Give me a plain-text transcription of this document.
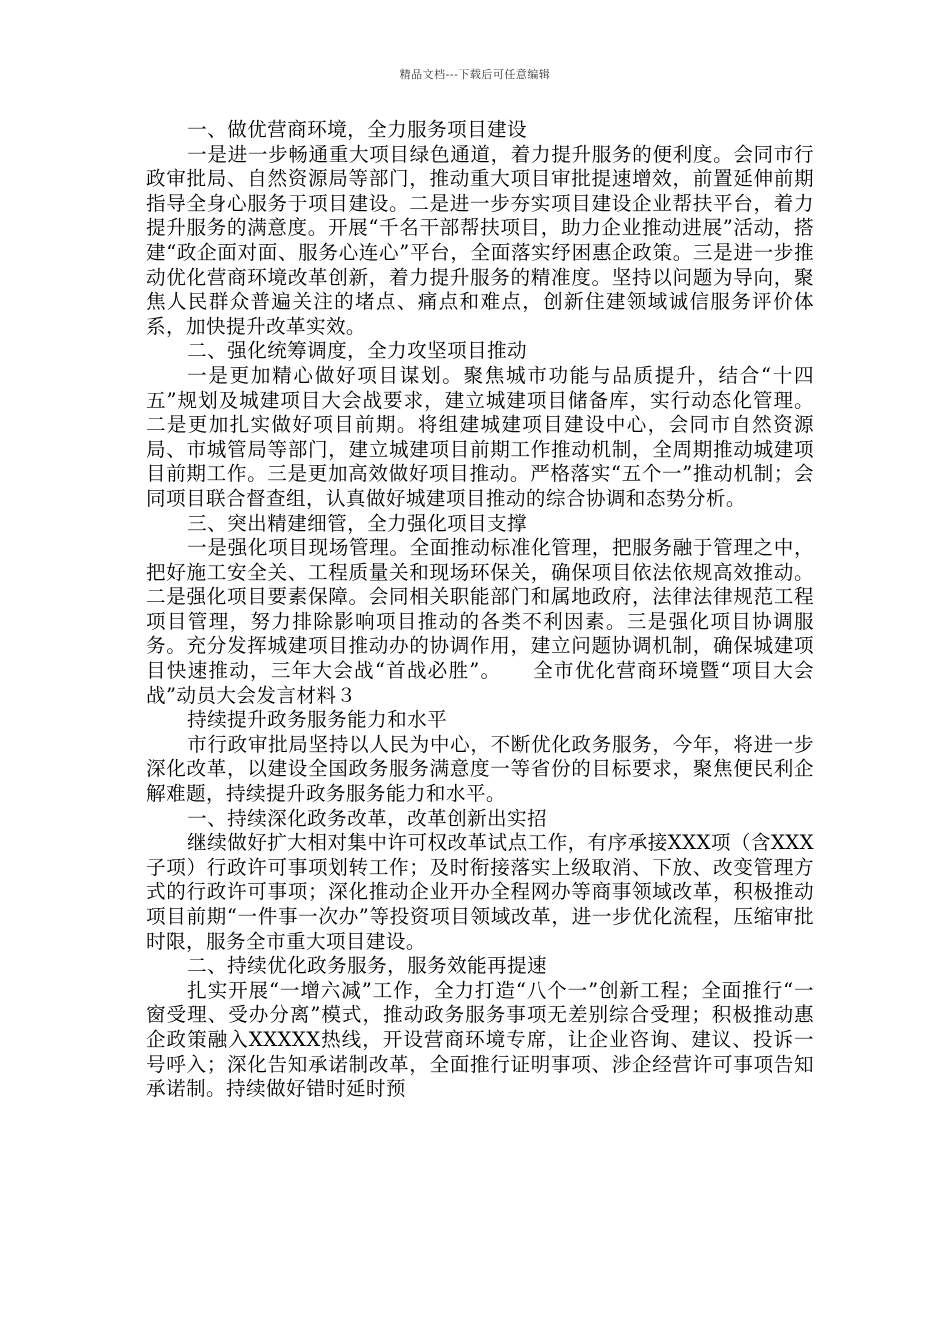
精品文档---下载后可任意编辑

一、做优营商环境，全力服务项目建设

一是进一步畅通重大项目绿色通道，着力提升服务的便利度。会同市行政审批局、自然资源局等部门，推动重大项目审批提速增效，前置延伸前期指导全身心服务于项目建设。二是进一步夯实项目建设企业帮扶平台，着力提升服务的满意度。开展“千名干部帮扶项目，助力企业推动进展”活动，搭建“政企面对面、服务心连心”平台，全面落实纾困惠企政策。三是进一步推动优化营商环境改革创新，着力提升服务的精准度。坚持以问题为导向，聚焦人民群众普遍关注的堵点、痛点和难点，创新住建领域诚信服务评价体系，加快提升改革实效。

二、强化统筹调度，全力攻坚项目推动

一是更加精心做好项目谋划。聚焦城市功能与品质提升，结合“十四五”规划及城建项目大会战要求，建立城建项目储备库，实行动态化管理。二是更加扎实做好项目前期。将组建城建项目建设中心，会同市自然资源局、市城管局等部门，建立城建项目前期工作推动机制，全周期推动城建项目前期工作。三是更加高效做好项目推动。严格落实“五个一”推动机制；会同项目联合督查组，认真做好城建项目推动的综合协调和态势分析。

三、突出精建细管，全力强化项目支撑

一是强化项目现场管理。全面推动标准化管理，把服务融于管理之中，把好施工安全关、工程质量关和现场环保关，确保项目依法依规高效推动。二是强化项目要素保障。会同相关职能部门和属地政府，法律法律规范工程项目管理，努力排除影响项目推动的各类不利因素。三是强化项目协调服务。充分发挥城建项目推动办的协调作用，建立问题协调机制，确保城建项目快速推动，三年大会战“首战必胜”。　　全市优化营商环境暨“项目大会战”动员大会发言材料３

持续提升政务服务能力和水平

市行政审批局坚持以人民为中心，不断优化政务服务，今年，将进一步深化改革，以建设全国政务服务满意度一等省份的目标要求，聚焦便民利企解难题，持续提升政务服务能力和水平。

一、持续深化政务改革，改革创新出实招

继续做好扩大相对集中许可权改革试点工作，有序承接XXX项（含XXX子项）行政许可事项划转工作；及时衔接落实上级取消、下放、改变管理方式的行政许可事项；深化推动企业开办全程网办等商事领域改革，积极推动项目前期“一件事一次办”等投资项目领域改革，进一步优化流程，压缩审批时限，服务全市重大项目建设。

二、持续优化政务服务，服务效能再提速

扎实开展“一增六减”工作，全力打造“八个一”创新工程；全面推行“一窗受理、受办分离”模式，推动政务服务事项无差别综合受理；积极推动惠企政策融入XXXXX热线，开设营商环境专席，让企业咨询、建议、投诉一号呼入；深化告知承诺制改革，全面推行证明事项、涉企经营许可事项告知承诺制。持续做好错时延时预
